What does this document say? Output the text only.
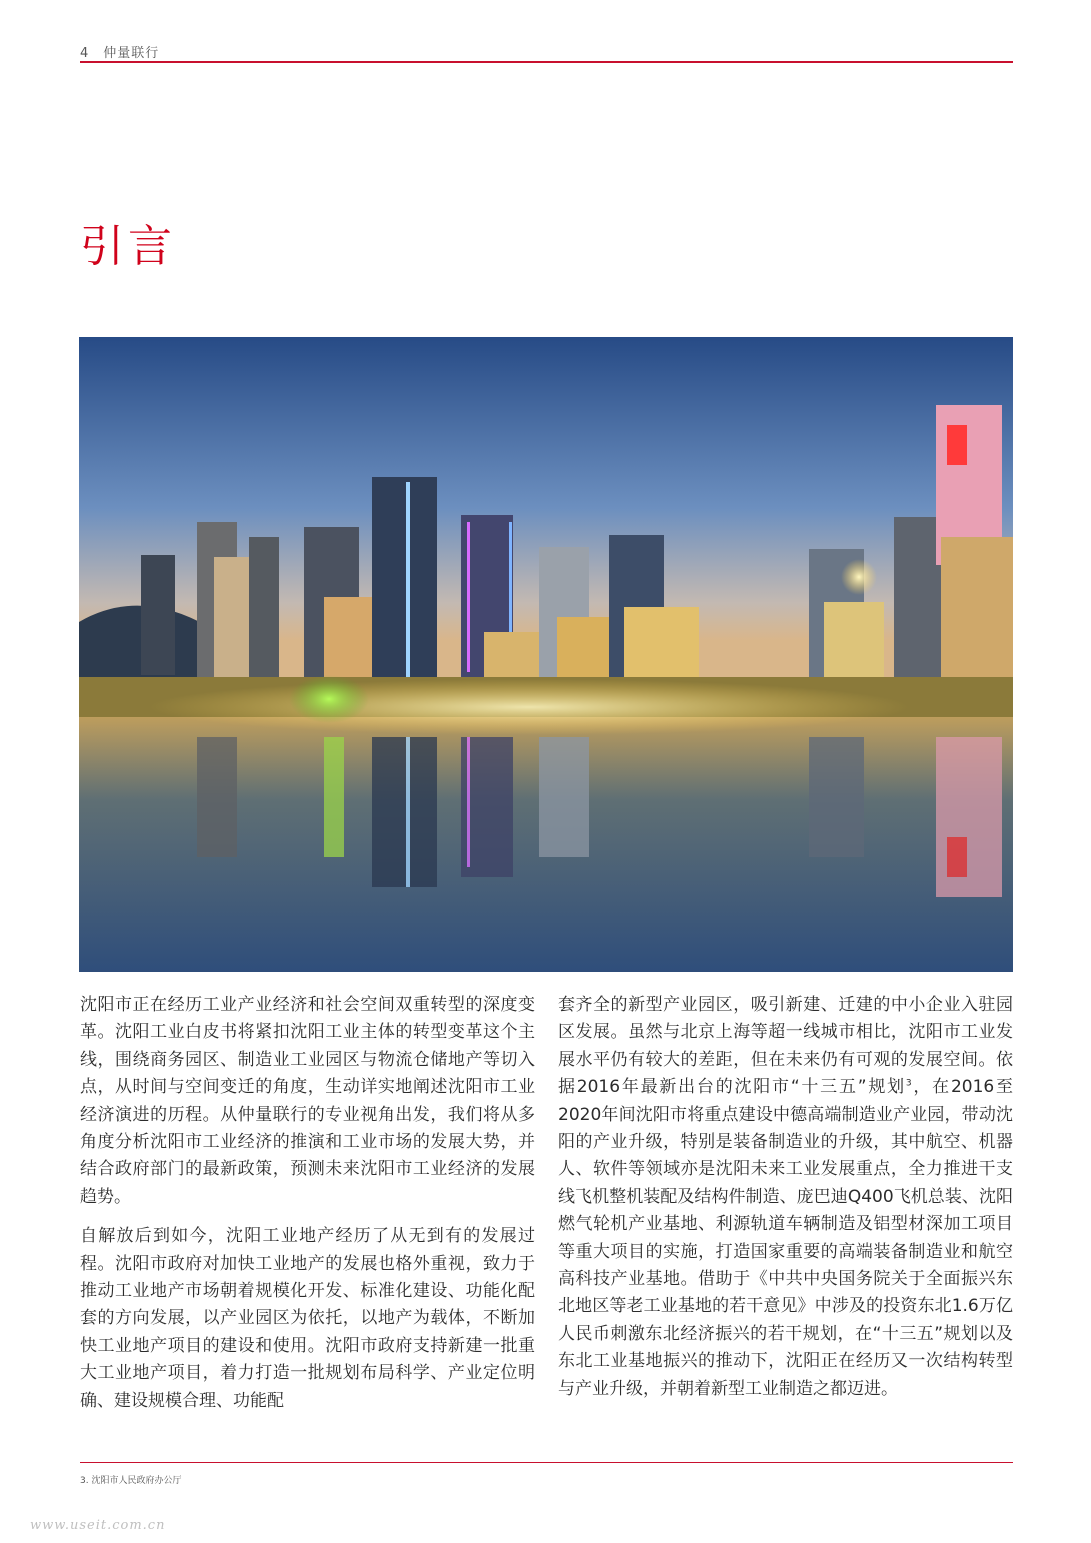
4 仲量联行
引言

沈阳市正在经历工业产业经济和社会空间双重转型的深度变革。沈阳工业白皮书将紧扣沈阳工业主体的转型变革这个主线，围绕商务园区、制造业工业园区与物流仓储地产等切入点，从时间与空间变迁的角度，生动详实地阐述沈阳市工业经济演进的历程。从仲量联行的专业视角出发，我们将从多角度分析沈阳市工业经济的推演和工业市场的发展大势，并结合政府部门的最新政策，预测未来沈阳市工业经济的发展趋势。

自解放后到如今，沈阳工业地产经历了从无到有的发展过程。沈阳市政府对加快工业地产的发展也格外重视，致力于推动工业地产市场朝着规模化开发、标准化建设、功能化配套的方向发展，以产业园区为依托，以地产为载体，不断加快工业地产项目的建设和使用。沈阳市政府支持新建一批重大工业地产项目，着力打造一批规划布局科学、产业定位明确、建设规模合理、功能配

套齐全的新型产业园区，吸引新建、迁建的中小企业入驻园区发展。虽然与北京上海等超一线城市相比，沈阳市工业发展水平仍有较大的差距，但在未来仍有可观的发展空间。依据2016年最新出台的沈阳市“十三五”规划$^3$，在2016至2020年间沈阳市将重点建设中德高端制造业产业园，带动沈阳的产业升级，特别是装备制造业的升级，其中航空、机器人、软件等领域亦是沈阳未来工业发展重点，全力推进干支线飞机整机装配及结构件制造、庞巴迪Q400飞机总装、沈阳燃气轮机产业基地、利源轨道车辆制造及铝型材深加工项目等重大项目的实施，打造国家重要的高端装备制造业和航空高科技产业基地。借助于《中共中央国务院关于全面振兴东北地区等老工业基地的若干意见》中涉及的投资东北1.6万亿人民币刺激东北经济振兴的若干规划，在“十三五”规划以及东北工业基地振兴的推动下，沈阳正在经历又一次结构转型与产业升级，并朝着新型工业制造之都迈进。

3. 沈阳市人民政府办公厅
www.useit.com.cn
